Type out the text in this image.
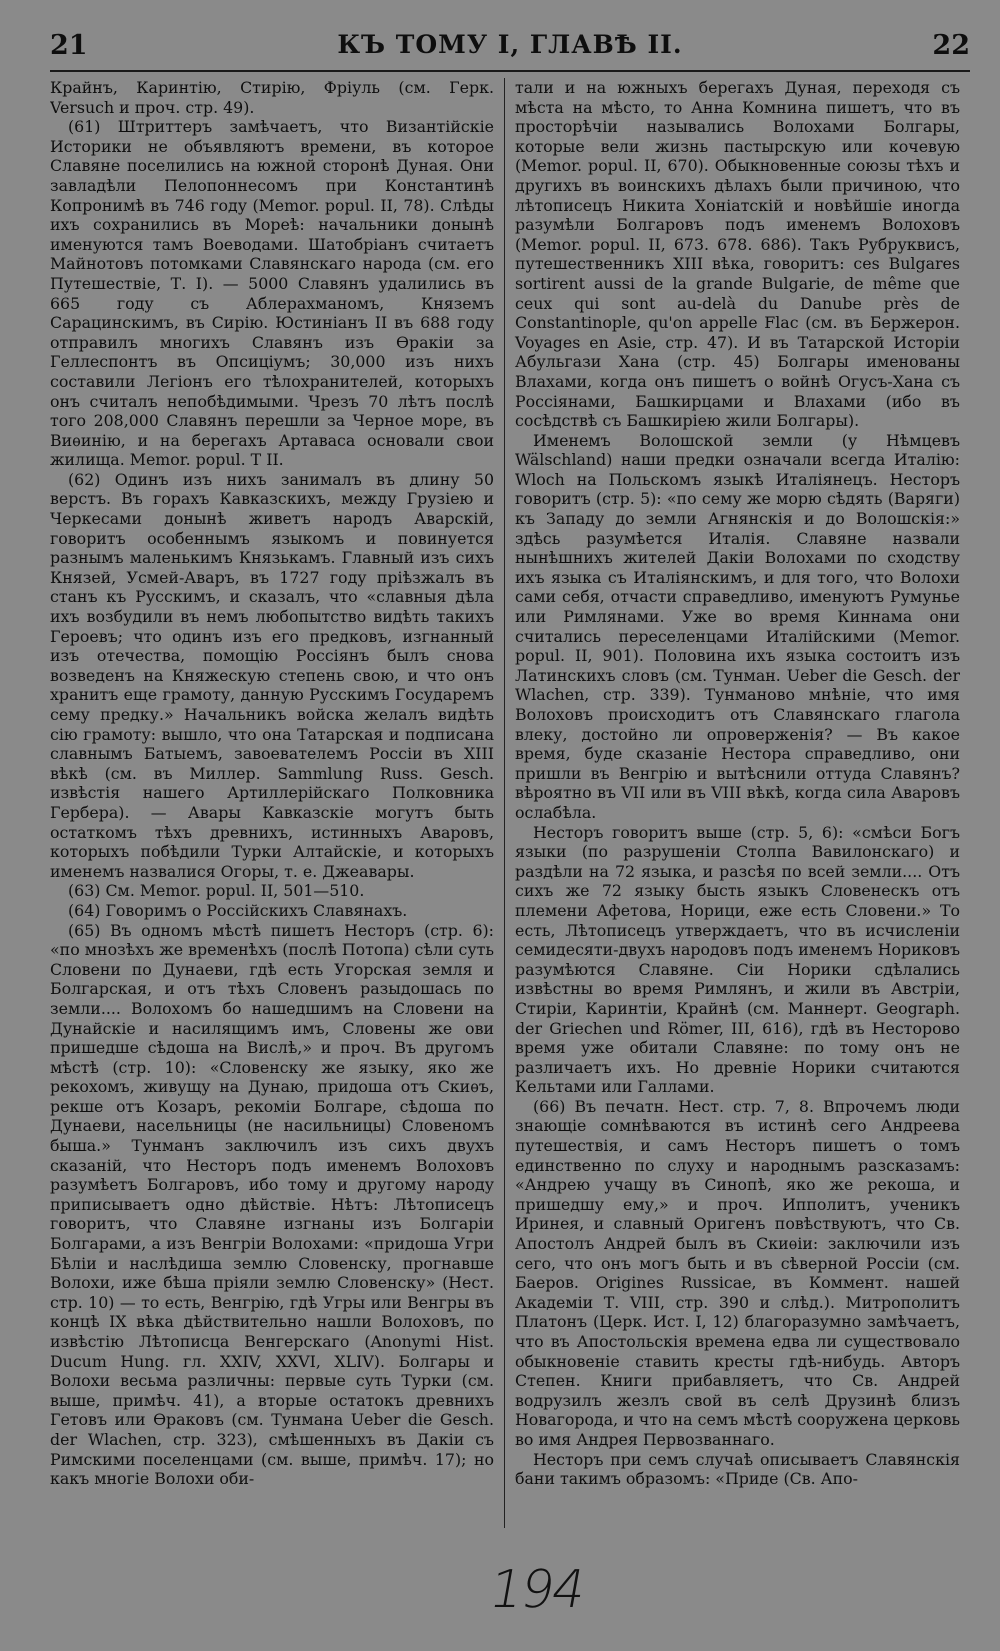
21	КЪ ТОМУ I, ГЛАВѢ II.	22

Крайнъ, Каринтію, Стирію, Фріуль (см. Герк. Versuch и проч. стр. 49).

(61) Штриттеръ замѣчаетъ, что Византійскіе Историки не объявляютъ времени, въ которое Славяне поселились на южной сторонѣ Дуная. Они завладѣли Пелопоннесомъ при Константинѣ Копронимѣ въ 746 году (Memor. popul. II, 78). Слѣды ихъ сохранились въ Мореѣ: начальники донынѣ именуются тамъ Воеводами. Шатобріанъ считаетъ Майнотовъ потомками Славянскаго народа (см. его Путешествіе, Т. I). — 5000 Славянъ удалились въ 665 году съ Аблерахманомъ, Княземъ Сарацинскимъ, въ Сирію. Юстиніанъ II въ 688 году отправилъ многихъ Славянъ изъ Ѳракіи за Геллеспонтъ въ Опсиціумъ; 30,000 изъ нихъ составили Легіонъ его тѣлохранителей, которыхъ онъ считалъ непобѣдимыми. Чрезъ 70 лѣтъ послѣ того 208,000 Славянъ перешли за Черное море, въ Виѳинію, и на берегахъ Артаваса основали свои жилища. Memor. popul. T II.

(62) Одинъ изъ нихъ занималъ въ длину 50 верстъ. Въ горахъ Кавказскихъ, между Грузіею и Черкесами донынѣ живетъ народъ Аварскій, говоритъ особеннымъ языкомъ и повинуется разнымъ маленькимъ Князькамъ. Главный изъ сихъ Князей, Усмей-Аваръ, въ 1727 году пріѣзжалъ въ станъ къ Русскимъ, и сказалъ, что «славныя дѣла ихъ возбудили въ немъ любопытство видѣть такихъ Героевъ; что одинъ изъ его предковъ, изгнанный изъ отечества, помощію Россіянъ былъ снова возведенъ на Княжескую степень свою, и что онъ хранитъ еще грамоту, данную Русскимъ Государемъ сему предку.» Начальникъ войска желалъ видѣть сію грамоту: вышло, что она Татарская и подписана славнымъ Батыемъ, завоевателемъ Россіи въ XIII вѣкѣ (см. въ Миллер. Sammlung Russ. Gesch. извѣстія нашего Артиллерійскаго Полковника Гербера). — Авары Кавказскіе могутъ быть остаткомъ тѣхъ древнихъ, истинныхъ Аваровъ, которыхъ побѣдили Турки Алтайскіе, и которыхъ именемъ назвалися Огоры, т. е. Джеавары.

(63) См. Memor. popul. II, 501—510.

(64) Говоримъ о Россійскихъ Славянахъ.

(65) Въ одномъ мѣстѣ пишетъ Несторъ (стр. 6): «по мнозѣхъ же временѣхъ (послѣ Потопа) сѣли суть Словени по Дунаеви, гдѣ есть Угорская земля и Болгарская, и отъ тѣхъ Словенъ разыдошась по земли.... Волохомъ бо нашедшимъ на Словени на Дунайскіе и насилящимъ имъ, Словены же ови пришедше сѣдоша на Вислѣ,» и проч. Въ другомъ мѣстѣ (стр. 10): «Словенску же языку, яко же рекохомъ, живущу на Дунаю, придоша отъ Скиѳъ, рекше отъ Козаръ, рекоміи Болгаре, сѣдоша по Дунаеви, насельницы (не насильницы) Словеномъ быша.» Тунманъ заключилъ изъ сихъ двухъ сказаній, что Несторъ подъ именемъ Волоховъ разумѣетъ Болгаровъ, ибо тому и другому народу приписываетъ одно дѣйствіе. Нѣтъ: Лѣтописецъ говоритъ, что Славяне изгнаны изъ Болгаріи Болгарами, а изъ Венгріи Волохами: «придоша Угри Бѣліи и наслѣдиша землю Словенску, прогнавше Волохи, иже бѣша пріяли землю Словенску» (Нест. стр. 10) — то есть, Венгрію, гдѣ Угры или Венгры въ концѣ IX вѣка дѣйствительно нашли Волоховъ, по извѣстію Лѣтописца Венгерскаго (Anonymi Hist. Ducum Hung. гл. XXIV, XXVI, XLIV). Болгары и Волохи весьма различны: первые суть Турки (см. выше, примѣч. 41), а вторые остатокъ древнихъ Гетовъ или Ѳраковъ (см. Тунмана Ueber die Gesch. der Wlachen, стр. 323), смѣшенныхъ въ Дакіи съ Римскими поселенцами (см. выше, примѣч. 17); но какъ многіе Волохи оби-

тали и на южныхъ берегахъ Дуная, переходя съ мѣста на мѣсто, то Анна Комнина пишетъ, что въ просторѣчіи назывались Волохами Болгары, которые вели жизнь пастырскую или кочевую (Memor. popul. II, 670). Обыкновенные союзы тѣхъ и другихъ въ воинскихъ дѣлахъ были причиною, что лѣтописецъ Никита Хоніатскій и новѣйшіе иногда разумѣли Болгаровъ подъ именемъ Волоховъ (Memor. popul. II, 673. 678. 686). Такъ Рубруквисъ, путешественникъ XIII вѣка, говоритъ: ces Bulgares sortirent aussi de la grande Bulgarie, de même que ceux qui sont au-delà du Danube près de Constantinople, qu'on appelle Flac (см. въ Бержерон. Voyages en Asie, стр. 47). И въ Татарской Исторіи Абульгази Хана (стр. 45) Болгары именованы Влахами, когда онъ пишетъ о войнѣ Огусъ-Хана съ Россіянами, Башкирцами и Влахами (ибо въ сосѣдствѣ съ Башкиріею жили Болгары).

Именемъ Волошской земли (у Нѣмцевъ Wälschland) наши предки означали всегда Италію: Wloch на Польскомъ языкѣ Италіянецъ. Несторъ говоритъ (стр. 5): «по сему же морю сѣдять (Варяги) къ Западу до земли Агнянскія и до Волошскія:» здѣсь разумѣется Италія. Славяне назвали нынѣшнихъ жителей Дакіи Волохами по сходству ихъ языка съ Италіянскимъ, и для того, что Волохи сами себя, отчасти справедливо, именуютъ Румунье или Римлянами. Уже во время Киннама они считались переселенцами Италійскими (Memor. popul. II, 901). Половина ихъ языка состоитъ изъ Латинскихъ словъ (см. Тунман. Ueber die Gesch. der Wlachen, стр. 339). Тунманово мнѣніе, что имя Волоховъ происходитъ отъ Славянскаго глагола влеку, достойно ли опроверженія? — Въ какое время, буде сказаніе Нестора справедливо, они пришли въ Венгрію и вытѣснили оттуда Славянъ? вѣроятно въ VII или въ VIII вѣкѣ, когда сила Аваровъ ослабѣла.

Несторъ говоритъ выше (стр. 5, 6): «смѣси Богъ языки (по разрушеніи Столпа Вавилонскаго) и раздѣли на 72 языка, и разсѣя по всей земли.... Отъ сихъ же 72 языку бысть языкъ Словенескъ отъ племени Афетова, Норици, еже есть Словени.» То есть, Лѣтописецъ утверждаетъ, что въ исчисленіи семидесяти-двухъ народовъ подъ именемъ Нориковъ разумѣются Славяне. Сіи Норики сдѣлались извѣстны во время Римлянъ, и жили въ Австріи, Стиріи, Каринтіи, Крайнѣ (см. Маннерт. Geograph. der Griechen und Römer, III, 616), гдѣ въ Несторово время уже обитали Славяне: по тому онъ не различаетъ ихъ. Но древніе Норики считаются Кельтами или Галлами.

(66) Въ печатн. Нест. стр. 7, 8. Впрочемъ люди знающіе сомнѣваются въ истинѣ сего Андреева путешествія, и самъ Несторъ пишетъ о томъ единственно по слуху и народнымъ разсказамъ: «Андрею учащу въ Синопѣ, яко же рекоша, и пришедшу ему,» и проч. Ипполитъ, ученикъ Иринея, и славный Оригенъ повѣствуютъ, что Св. Апостолъ Андрей былъ въ Скиѳіи: заключили изъ сего, что онъ могъ быть и въ сѣверной Россіи (см. Баеров. Origines Russicae, въ Коммент. нашей Академіи Т. VIII, стр. 390 и слѣд.). Митрополитъ Платонъ (Церк. Ист. I, 12) благоразумно замѣчаетъ, что въ Апостольскія времена едва ли существовало обыкновеніе ставить кресты гдѣ-нибудь. Авторъ Степен. Книги прибавляетъ, что Св. Андрей водрузилъ жезлъ свой въ селѣ Друзинѣ близъ Новагорода, и что на семъ мѣстѣ сооружена церковь во имя Андрея Первозваннаго.

Несторъ при семъ случаѣ описываетъ Славянскія бани такимъ образомъ: «Приде (Св. Апо-

194
